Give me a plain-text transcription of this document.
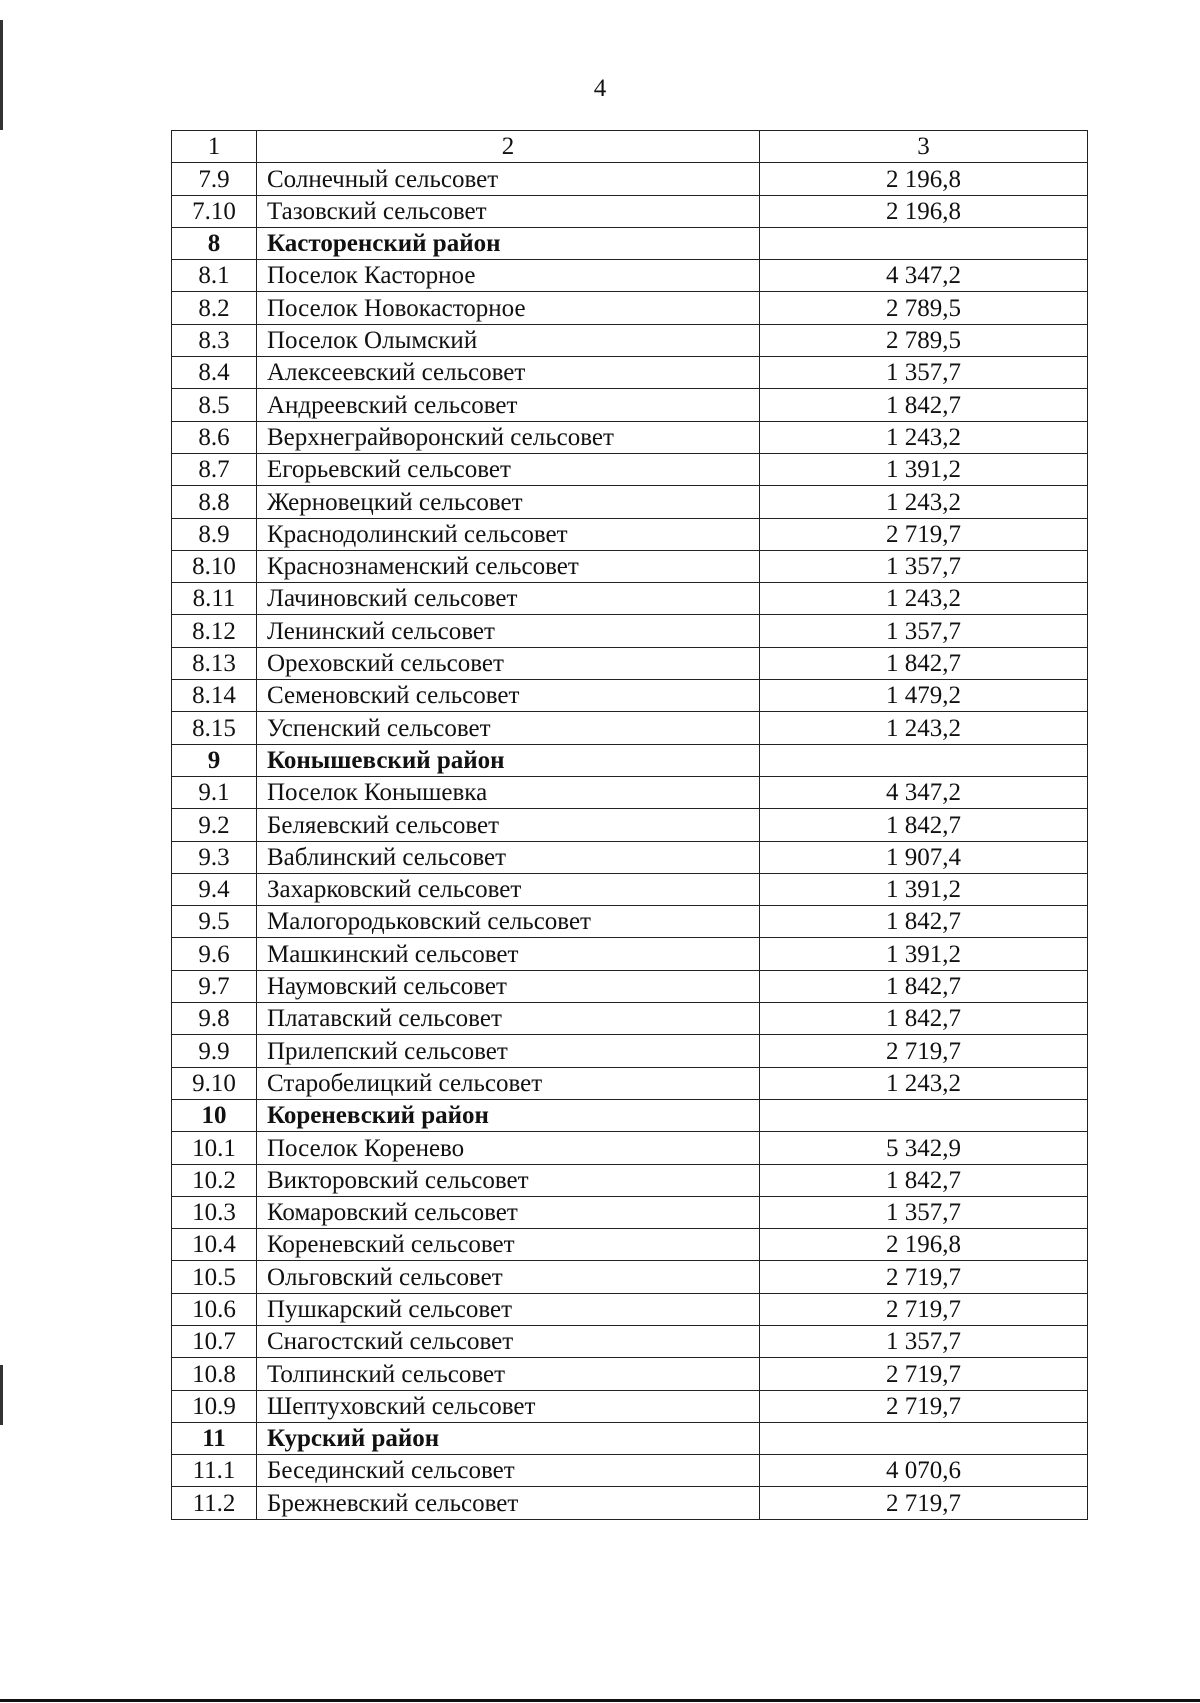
4
1	2	3
7.9	Солнечный сельсовет	2 196,8
7.10	Тазовский сельсовет	2 196,8
8	Касторенский район	
8.1	Поселок Касторное	4 347,2
8.2	Поселок Новокасторное	2 789,5
8.3	Поселок Олымский	2 789,5
8.4	Алексеевский сельсовет	1 357,7
8.5	Андреевский сельсовет	1 842,7
8.6	Верхнеграйворонский сельсовет	1 243,2
8.7	Егорьевский сельсовет	1 391,2
8.8	Жерновецкий сельсовет	1 243,2
8.9	Краснодолинский сельсовет	2 719,7
8.10	Краснознаменский сельсовет	1 357,7
8.11	Лачиновский сельсовет	1 243,2
8.12	Ленинский сельсовет	1 357,7
8.13	Ореховский сельсовет	1 842,7
8.14	Семеновский сельсовет	1 479,2
8.15	Успенский сельсовет	1 243,2
9	Конышевский район	
9.1	Поселок Конышевка	4 347,2
9.2	Беляевский сельсовет	1 842,7
9.3	Ваблинский сельсовет	1 907,4
9.4	Захарковский сельсовет	1 391,2
9.5	Малогородьковский сельсовет	1 842,7
9.6	Машкинский сельсовет	1 391,2
9.7	Наумовский сельсовет	1 842,7
9.8	Платавский сельсовет	1 842,7
9.9	Прилепский сельсовет	2 719,7
9.10	Старобелицкий сельсовет	1 243,2
10	Кореневский район	
10.1	Поселок Коренево	5 342,9
10.2	Викторовский сельсовет	1 842,7
10.3	Комаровский сельсовет	1 357,7
10.4	Кореневский сельсовет	2 196,8
10.5	Ольговский сельсовет	2 719,7
10.6	Пушкарский сельсовет	2 719,7
10.7	Снагостский сельсовет	1 357,7
10.8	Толпинский сельсовет	2 719,7
10.9	Шептуховский сельсовет	2 719,7
11	Курский район	
11.1	Бесединский сельсовет	4 070,6
11.2	Брежневский сельсовет	2 719,7
